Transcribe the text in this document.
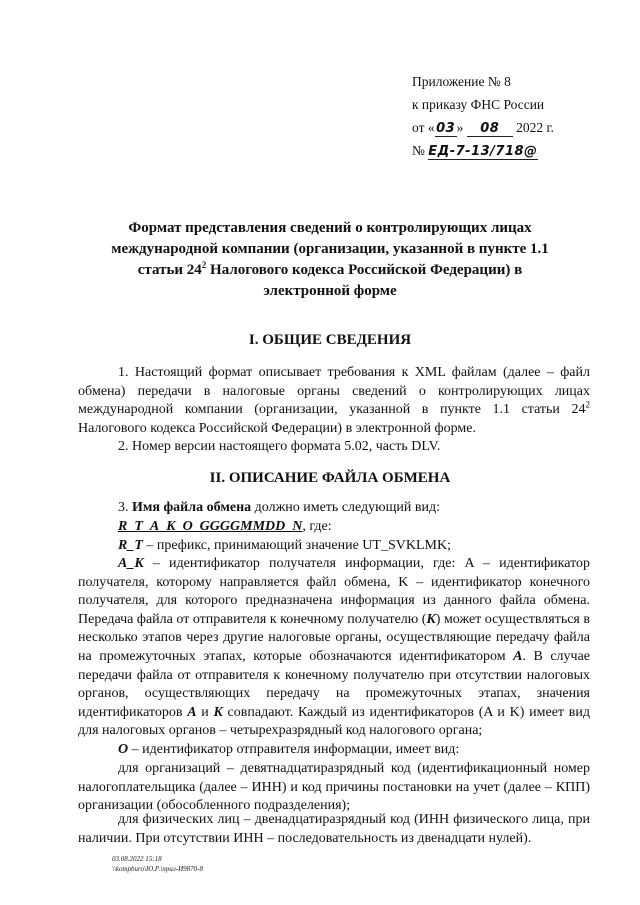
Приложение № 8
к приказу ФНС России
от «03» 08 2022 г.
№ ЕД-7-13/718@
Формат представления сведений о контролирующих лицах
международной компании (организации, указанной в пункте 1.1
статьи $24^2$ Налогового кодекса Российской Федерации) в
электронной форме
I. ОБЩИЕ СВЕДЕНИЯ
1. Настоящий формат описывает требования к XML файлам (далее – файл обмена) передачи в налоговые органы сведений о контролирующих лицах международной компании (организации, указанной в пункте 1.1 статьи $24^2$ Налогового кодекса Российской Федерации) в электронной форме.
2. Номер версии настоящего формата 5.02, часть DLV.
II. ОПИСАНИЕ ФАЙЛА ОБМЕНА
3. Имя файла обмена должно иметь следующий вид:
R_T_A_K_O_GGGGMMDD_N, где:
R_T – префикс, принимающий значение UT_SVKLMK;
A_K – идентификатор получателя информации, где: A – идентификатор получателя, которому направляется файл обмена, K – идентификатор конечного получателя, для которого предназначена информация из данного файла обмена. Передача файла от отправителя к конечному получателю (K) может осуществляться в несколько этапов через другие налоговые органы, осуществляющие передачу файла на промежуточных этапах, которые обозначаются идентификатором A. В случае передачи файла от отправителя к конечному получателю при отсутствии налоговых органов, осуществляющих передачу на промежуточных этапах, значения идентификаторов A и K совпадают. Каждый из идентификаторов (A и K) имеет вид для налоговых органов – четырехразрядный код налогового органа;
O – идентификатор отправителя информации, имеет вид:
для организаций – девятнадцатиразрядный код (идентификационный номер налогоплательщика (далее – ИНН) и код причины постановки на учет (далее – КПП) организации (обособленного подразделения);
для физических лиц – двенадцатиразрядный код (ИНН физического лица, при наличии. При отсутствии ИНН – последовательность из двенадцати нулей).
03.08.2022 15:18
\\kompburo\Ю.Р.\прил-И9870-8
